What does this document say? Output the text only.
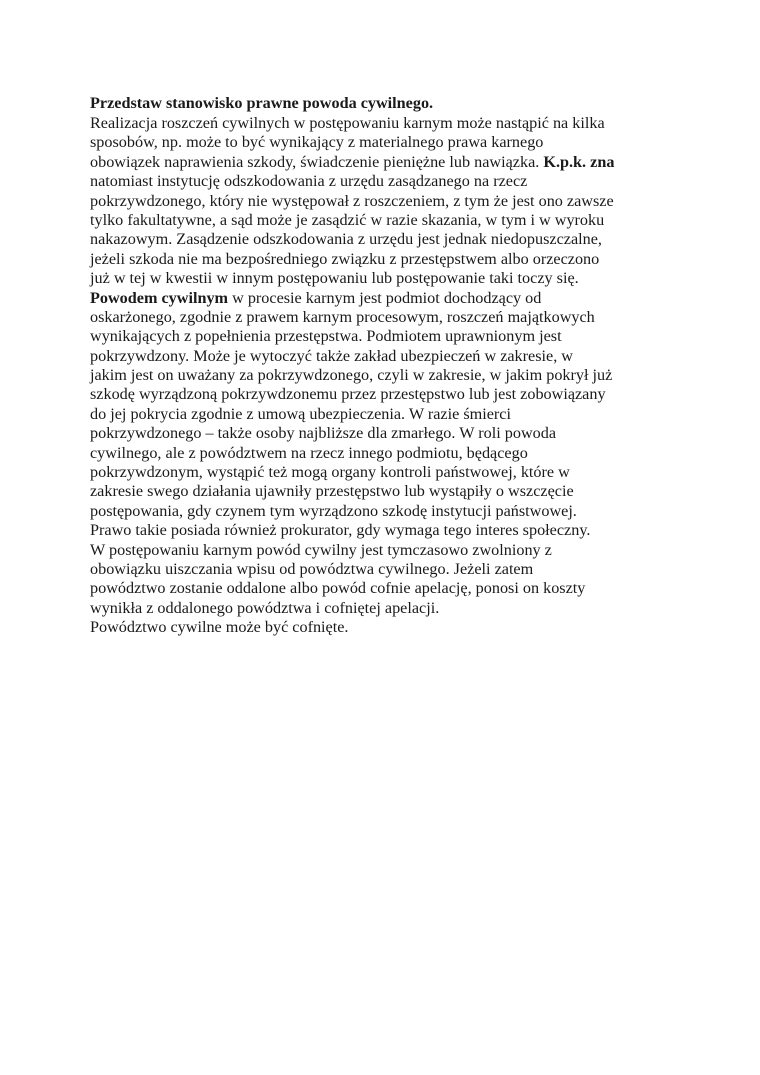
Przedstaw stanowisko prawne powoda cywilnego.
Realizacja roszczeń cywilnych w postępowaniu karnym może nastąpić na kilka
sposobów, np. może to być wynikający z materialnego prawa karnego
obowiązek naprawienia szkody, świadczenie pieniężne lub nawiązka. K.p.k. zna
natomiast instytucję odszkodowania z urzędu zasądzanego na rzecz
pokrzywdzonego, który nie występował z roszczeniem, z tym że jest ono zawsze
tylko fakultatywne, a sąd może je zasądzić w razie skazania, w tym i w wyroku
nakazowym. Zasądzenie odszkodowania z urzędu jest jednak niedopuszczalne,
jeżeli szkoda nie ma bezpośredniego związku z przestępstwem albo orzeczono
już w tej w kwestii w innym postępowaniu lub postępowanie taki toczy się.
Powodem cywilnym w procesie karnym jest podmiot dochodzący od
oskarżonego, zgodnie z prawem karnym procesowym, roszczeń majątkowych
wynikających z popełnienia przestępstwa. Podmiotem uprawnionym jest
pokrzywdzony. Może je wytoczyć także zakład ubezpieczeń w zakresie, w
jakim jest on uważany za pokrzywdzonego, czyli w zakresie, w jakim pokrył już
szkodę wyrządzoną pokrzywdzonemu przez przestępstwo lub jest zobowiązany
do jej pokrycia zgodnie z umową ubezpieczenia. W razie śmierci
pokrzywdzonego – także osoby najbliższe dla zmarłego. W roli powoda
cywilnego, ale z powództwem na rzecz innego podmiotu, będącego
pokrzywdzonym, wystąpić też mogą organy kontroli państwowej, które w
zakresie swego działania ujawniły przestępstwo lub wystąpiły o wszczęcie
postępowania, gdy czynem tym wyrządzono szkodę instytucji państwowej.
Prawo takie posiada również prokurator, gdy wymaga tego interes społeczny.
W postępowaniu karnym powód cywilny jest tymczasowo zwolniony z
obowiązku uiszczania wpisu od powództwa cywilnego. Jeżeli zatem
powództwo zostanie oddalone albo powód cofnie apelację, ponosi on koszty
wynikła z oddalonego powództwa i cofniętej apelacji.
Powództwo cywilne może być cofnięte.
